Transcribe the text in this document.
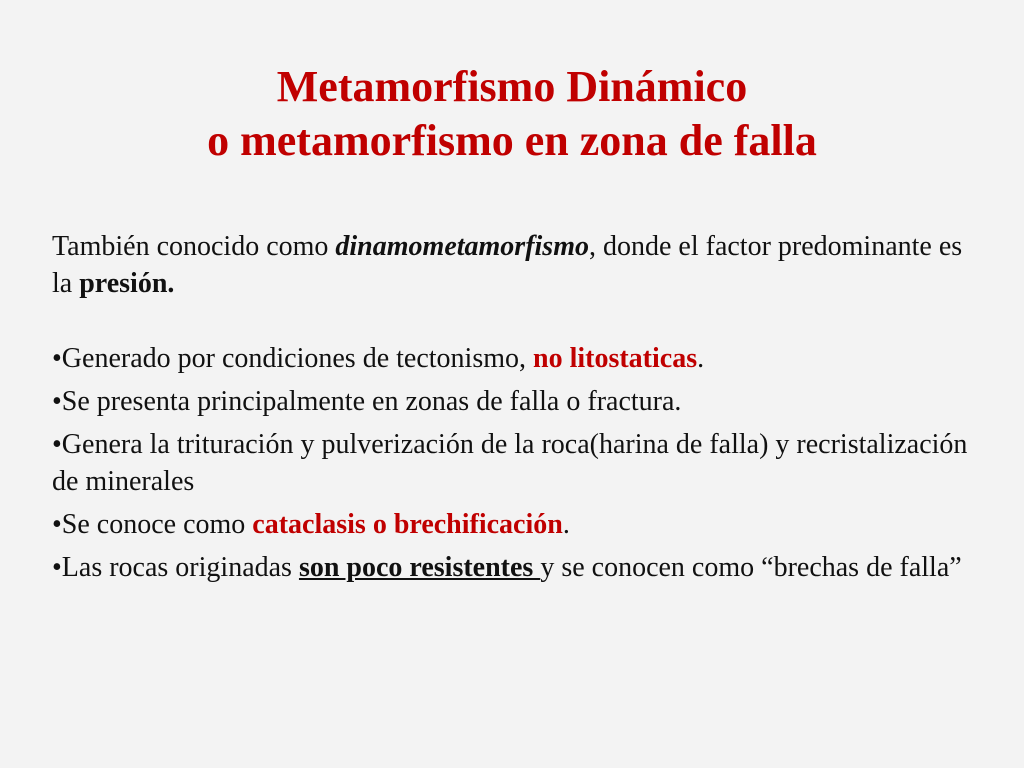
Metamorfismo Dinámico
o metamorfismo en zona de falla

También conocido como dinamometamorfismo, donde el factor predominante es la presión.

•Generado por condiciones de tectonismo, no litostaticas.

•Se presenta principalmente en zonas de falla o fractura.

•Genera la trituración y pulverización de la roca(harina de falla) y recristalización de minerales

•Se conoce como cataclasis o brechificación.

•Las rocas originadas son poco resistentes y se conocen como “brechas de falla”
